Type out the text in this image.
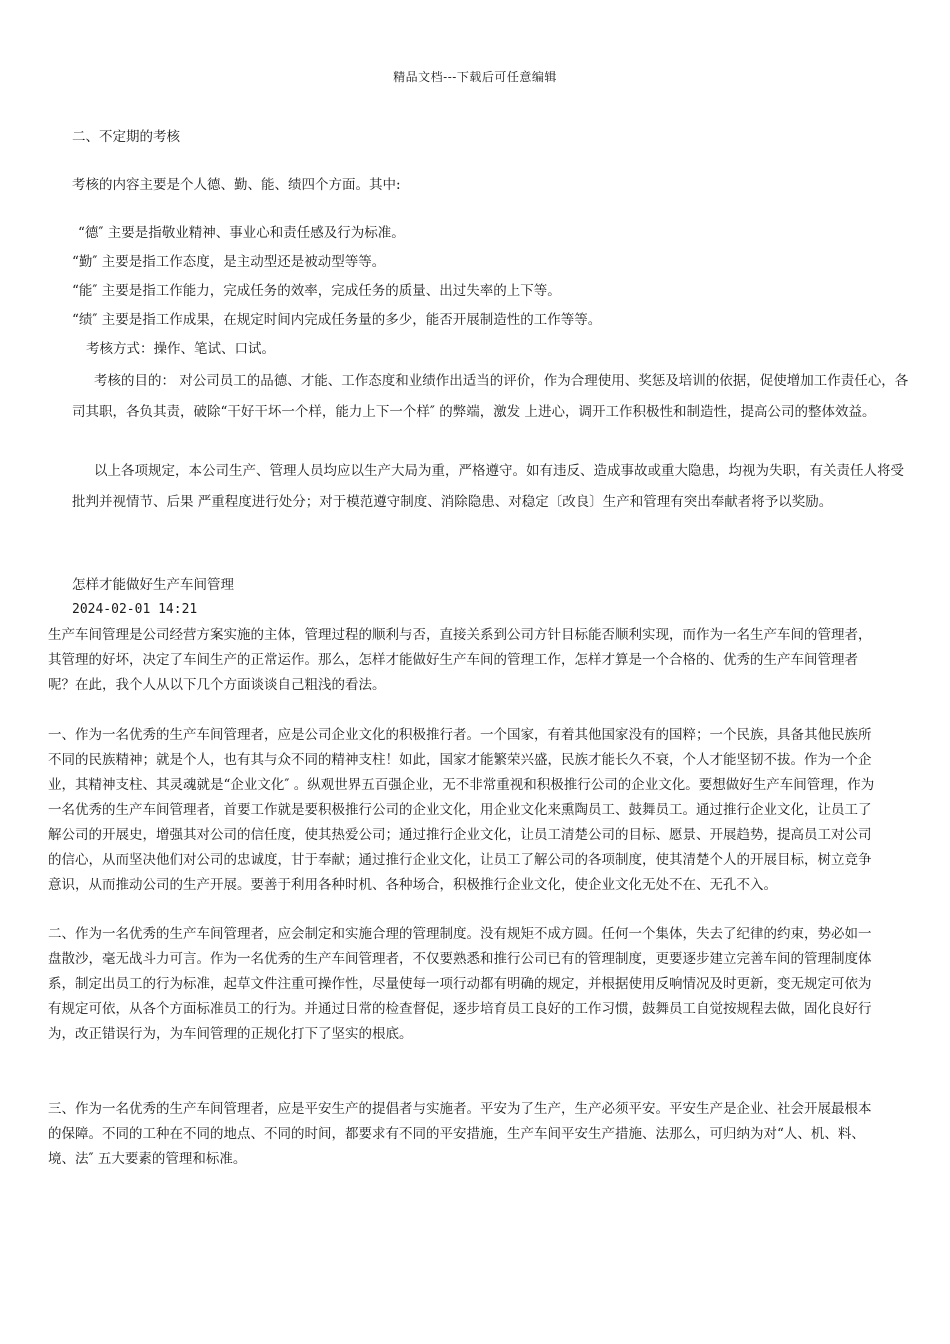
精品文档---下载后可任意编辑
二、不定期的考核
考核的内容主要是个人德、勤、能、绩四个方面。其中:
“德″ 主要是指敬业精神、事业心和责任感及行为标准。
“勤″ 主要是指工作态度，是主动型还是被动型等等。
“能″ 主要是指工作能力，完成任务的效率，完成任务的质量、出过失率的上下等。
“绩″ 主要是指工作成果，在规定时间内完成任务量的多少，能否开展制造性的工作等等。
考核方式：操作、笔试、口试。
考核的目的： 对公司员工的品德、才能、工作态度和业绩作出适当的评价，作为合理使用、奖惩及培训的依据，促使增加工作责任心，各司其职，各负其责，破除“干好干坏一个样，能力上下一个样″ 的弊端，激发 上进心，调开工作积极性和制造性，提高公司的整体效益。
以上各项规定，本公司生产、管理人员均应以生产大局为重，严格遵守。如有违反、造成事故或重大隐患，均视为失职，有关责任人将受批判并视情节、后果 严重程度进行处分；对于模范遵守制度、消除隐患、对稳定〔改良〕生产和管理有突出奉献者将予以奖励。
怎样才能做好生产车间管理
2024-02-01 14:21
生产车间管理是公司经营方案实施的主体，管理过程的顺利与否，直接关系到公司方针目标能否顺利实现，而作为一名生产车间的管理者，其管理的好坏，决定了车间生产的正常运作。那么，怎样才能做好生产车间的管理工作，怎样才算是一个合格的、优秀的生产车间管理者呢？在此，我个人从以下几个方面谈谈自己粗浅的看法。
一、作为一名优秀的生产车间管理者，应是公司企业文化的积极推行者。一个国家，有着其他国家没有的国粹；一个民族，具备其他民族所不同的民族精神；就是个人，也有其与众不同的精神支柱！如此，国家才能繁荣兴盛，民族才能长久不衰，个人才能坚韧不拔。作为一个企业，其精神支柱、其灵魂就是“企业文化″ 。纵观世界五百强企业，无不非常重视和积极推行公司的企业文化。要想做好生产车间管理，作为一名优秀的生产车间管理者，首要工作就是要积极推行公司的企业文化，用企业文化来熏陶员工、鼓舞员工。通过推行企业文化，让员工了解公司的开展史，增强其对公司的信任度，使其热爱公司；通过推行企业文化，让员工清楚公司的目标、愿景、开展趋势，提高员工对公司的信心，从而坚决他们对公司的忠诚度，甘于奉献；通过推行企业文化，让员工了解公司的各项制度，使其清楚个人的开展目标，树立竞争意识，从而推动公司的生产开展。要善于利用各种时机、各种场合，积极推行企业文化，使企业文化无处不在、无孔不入。
二、作为一名优秀的生产车间管理者，应会制定和实施合理的管理制度。没有规矩不成方圆。任何一个集体，失去了纪律的约束，势必如一盘散沙，毫无战斗力可言。作为一名优秀的生产车间管理者，不仅要熟悉和推行公司已有的管理制度，更要逐步建立完善车间的管理制度体系，制定出员工的行为标准，起草文件注重可操作性，尽量使每一项行动都有明确的规定，并根据使用反响情况及时更新，变无规定可依为有规定可依，从各个方面标准员工的行为。并通过日常的检查督促，逐步培育员工良好的工作习惯，鼓舞员工自觉按规程去做，固化良好行为，改正错误行为，为车间管理的正规化打下了坚实的根底。
三、作为一名优秀的生产车间管理者，应是平安生产的提倡者与实施者。平安为了生产，生产必须平安。平安生产是企业、社会开展最根本的保障。不同的工种在不同的地点、不同的时间，都要求有不同的平安措施，生产车间平安生产措施、法那么，可归纳为对“人、机、料、境、法″ 五大要素的管理和标准。
